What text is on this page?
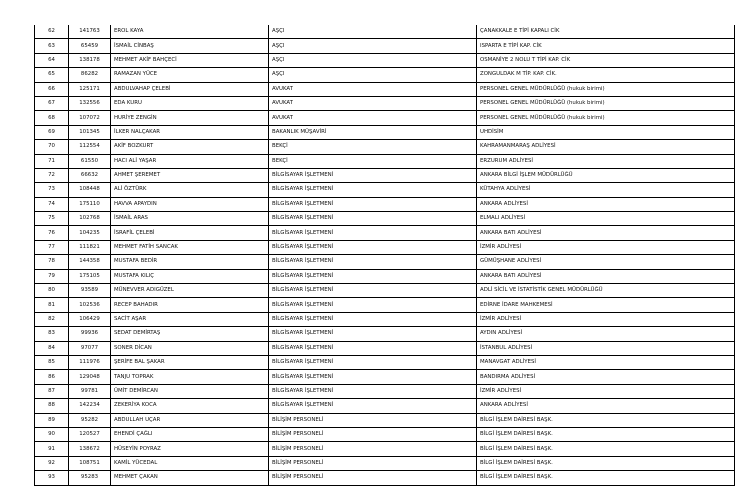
62	141763	EROL KAYA	AŞÇI	ÇANAKKALE E TİPİ KAPALI CİK
63	65459	İSMAİL CİNBAŞ	AŞÇI	ISPARTA E TİPİ KAP. CİK
64	138178	MEHMET AKİF BAHÇECİ	AŞÇI	OSMANİYE 2 NOLU T TİPİ KAP. CİK
65	86282	RAMAZAN YÜCE	AŞÇI	ZONGULDAK M TİP. KAP. CİK.
66	125171	ABDULVAHAP ÇELEBİ	AVUKAT	PERSONEL GENEL MÜDÜRLÜĞÜ (hukuk birimi)
67	132556	EDA KURU	AVUKAT	PERSONEL GENEL MÜDÜRLÜĞÜ (hukuk birimi)
68	107072	HURİYE ZENGİN	AVUKAT	PERSONEL GENEL MÜDÜRLÜĞÜ (hukuk birimi)
69	101345	İLKER NALÇAKAR	BAKANLIK MÜŞAVİRİ	UHDİSİM
70	112554	AKİF BOZKURT	BEKÇİ	KAHRAMANMARAŞ ADLİYESİ
71	61550	HACI ALİ YAŞAR	BEKÇİ	ERZURUM ADLİYESİ
72	66632	AHMET ŞEREMET	BİLGİSAYAR İŞLETMENİ	ANKARA BİLGİ İŞLEM MÜDÜRLÜĞÜ
73	108448	ALİ ÖZTÜRK	BİLGİSAYAR İŞLETMENİ	KÜTAHYA ADLİYESİ
74	175110	HAVVA APAYDIN	BİLGİSAYAR İŞLETMENİ	ANKARA ADLİYESİ
75	102768	İSMAİL ARAS	BİLGİSAYAR İŞLETMENİ	ELMALI ADLİYESİ
76	104235	İSRAFİL ÇELEBİ	BİLGİSAYAR İŞLETMENİ	ANKARA BATI ADLİYESİ
77	111821	MEHMET FATİH SANCAK	BİLGİSAYAR İŞLETMENİ	İZMİR ADLİYESİ
78	144358	MUSTAFA BEDİR	BİLGİSAYAR İŞLETMENİ	GÜMÜŞHANE ADLİYESİ
79	175105	MUSTAFA KILIÇ	BİLGİSAYAR İŞLETMENİ	ANKARA BATI ADLİYESİ
80	93589	MÜNEVVER ADIGÜZEL	BİLGİSAYAR İŞLETMENİ	ADLİ SİCİL VE İSTATİSTİK GENEL MÜDÜRLÜĞÜ
81	102536	RECEP BAHADIR	BİLGİSAYAR İŞLETMENİ	EDİRNE İDARE MAHKEMESİ
82	106429	SACİT AŞAR	BİLGİSAYAR İŞLETMENİ	İZMİR ADLİYESİ
83	99936	SEDAT DEMİRTAŞ	BİLGİSAYAR İŞLETMENİ	AYDIN ADLİYESİ
84	97077	SONER DİCAN	BİLGİSAYAR İŞLETMENİ	İSTANBUL ADLİYESİ
85	111976	ŞERİFE BAL ŞAKAR	BİLGİSAYAR İŞLETMENİ	MANAVGAT ADLİYESİ
86	129048	TANJU TOPRAK	BİLGİSAYAR İŞLETMENİ	BANDIRMA ADLİYESİ
87	99781	ÜMİT DEMİRCAN	BİLGİSAYAR İŞLETMENİ	İZMİR ADLİYESİ
88	142234	ZEKERİYA KOCA	BİLGİSAYAR İŞLETMENİ	ANKARA ADLİYESİ
89	95282	ABDULLAH UÇAR	BİLİŞİM PERSONELİ	BİLGİ İŞLEM DAİRESİ BAŞK.
90	120527	EHENDİ ÇAĞLI	BİLİŞİM PERSONELİ	BİLGİ İŞLEM DAİRESİ BAŞK.
91	138672	HÜSEYİN POYRAZ	BİLİŞİM PERSONELİ	BİLGİ İŞLEM DAİRESİ BAŞK.
92	108751	KAMİL YÜCEDAL	BİLİŞİM PERSONELİ	BİLGİ İŞLEM DAİRESİ BAŞK.
93	95283	MEHMET ÇAKAN	BİLİŞİM PERSONELİ	BİLGİ İŞLEM DAİRESİ BAŞK.
